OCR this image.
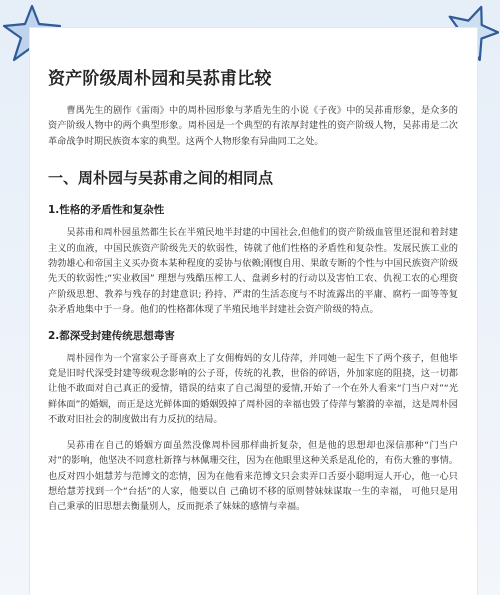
资产阶级周朴园和吴荪甫比较

曹禺先生的剧作《雷雨》中的周朴园形象与茅盾先生的小说《子夜》中的吴荪甫形象，是众多的资产阶级人物中的两个典型形象。周朴园是一个典型的有浓厚封建性的资产阶级人物，吴荪甫是二次革命战争时期民族资本家的典型。这两个人物形象有异曲同工之处。

一、周朴园与吴荪甫之间的相同点
1.性格的矛盾性和复杂性

吴荪甫和周朴园虽然都生长在半殖民地半封建的中国社会,但他们的资产阶级血管里还混和着封建主义的血液，中国民族资产阶级先天的软弱性，铸就了他们性格的矛盾性和复杂性。发展民族工业的勃勃雄心和帝国主义买办资本某种程度的妥协与依赖;刚愎自用、果敢专断的个性与中国民族资产阶级先天的软弱性;“实业救国” 理想与残酷压榨工人、盘剥乡村的行动以及害怕工农、仇视工农的心理资产阶级思想、教养与残存的封建意识; 矜持、严肃的生活态度与不时流露出的平庸、腐朽一面等等复杂矛盾地集中于一身。他们的性格都体现了半殖民地半封建社会资产阶级的特点。

2.都深受封建传统思想毒害

周朴园作为一个富家公子哥喜欢上了女佣梅妈的女儿侍萍，并同她一起生下了两个孩子，但他毕竟是旧时代深受封建等级观念影响的公子哥，传统的礼教，世俗的碎语，外加家庭的阻挠，这一切都让他不敢面对自己真正的爱情，错误的结束了自己渴望的爱情,开始了一个在外人看来“门当户对”“光鲜体面”的婚姻，而正是这光鲜体面的婚姻毁掉了周朴园的幸福也毁了侍萍与繁漪的幸福，这是周朴园不敢对旧社会的制度做出有力反抗的结局。

吴荪甫在自己的婚姻方面虽然没像周朴园那样曲折复杂，但是他的思想却也深信那种“门当户对”的影响，他坚决不同意杜新箨与林佩珊交往，因为在他眼里这种关系是乱伦的，有伤大雅的事情。也反对四小姐慧芳与范博文的恋情，因为在他看来范博文只会卖弄口舌耍小聪明逗人开心，他一心只想给慧芳找到一个“台括”的人家，他要以自 己确切不移的原则替妹妹谋取一生的幸福， 可他只是用自己秉承的旧思想去衡量别人，反而扼杀了妹妹的感情与幸福。
